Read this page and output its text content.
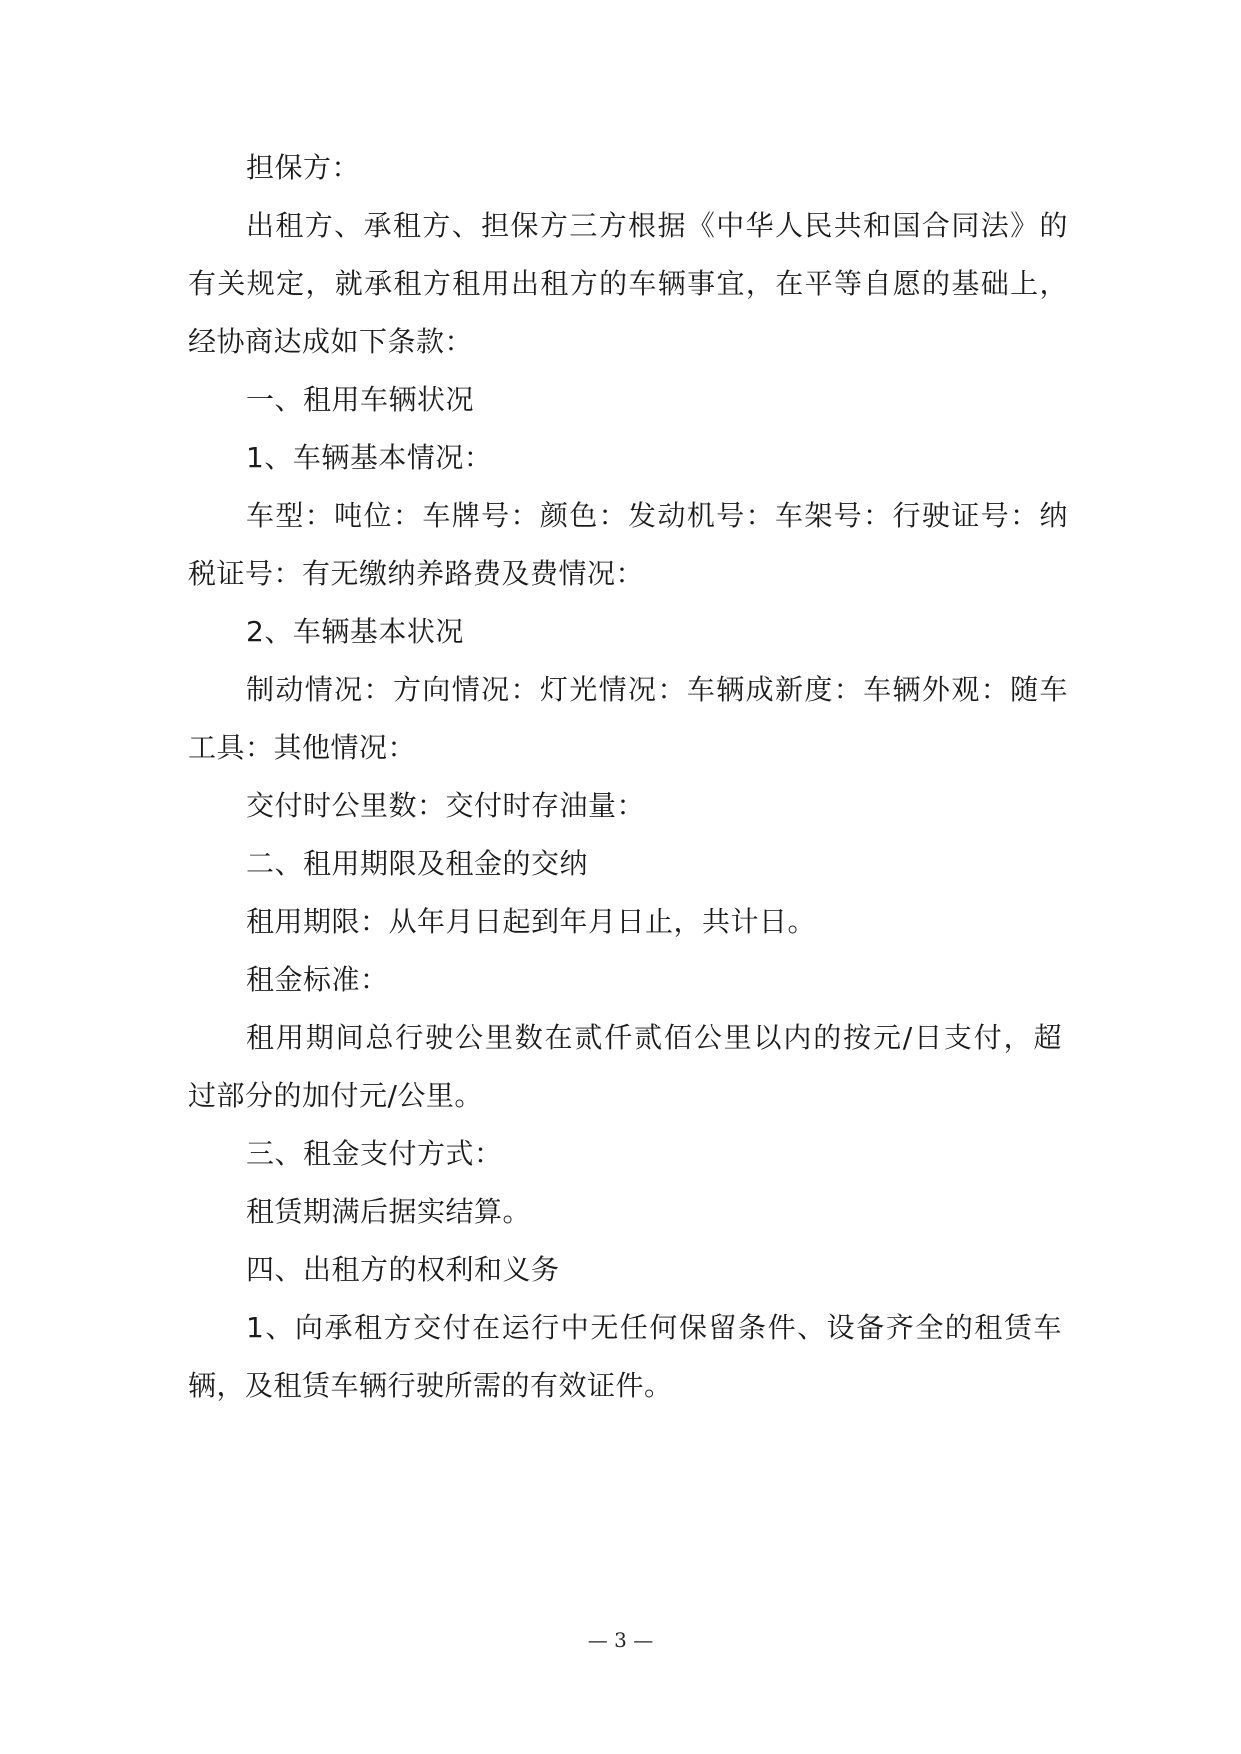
担保方：
出租方、承租方、担保方三方根据《中华人民共和国合同法》的
有关规定，就承租方租用出租方的车辆事宜，在平等自愿的基础上，
经协商达成如下条款：
一、租用车辆状况
1、车辆基本情况：
车型：吨位：车牌号：颜色：发动机号：车架号：行驶证号：纳
税证号：有无缴纳养路费及费情况：
2、车辆基本状况
制动情况：方向情况：灯光情况：车辆成新度：车辆外观：随车
工具：其他情况：
交付时公里数：交付时存油量：
二、租用期限及租金的交纳
租用期限：从年月日起到年月日止，共计日。
租金标准：
租用期间总行驶公里数在贰仟贰佰公里以内的按元/日支付，超
过部分的加付元/公里。
三、租金支付方式：
租赁期满后据实结算。
四、出租方的权利和义务
1、向承租方交付在运行中无任何保留条件、设备齐全的租赁车
辆，及租赁车辆行驶所需的有效证件。
— 3 —
